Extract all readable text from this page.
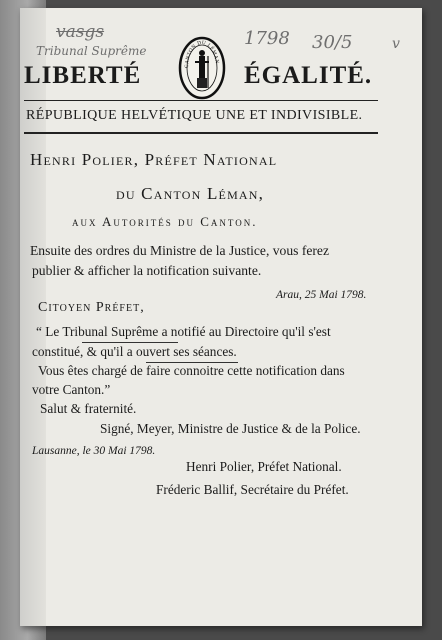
vasgs
Tribunal Suprême
1798 30/5	v
CANTON DU LÉMAN
LIBERTÉ	ÉGALITÉ.
RÉPUBLIQUE HELVÉTIQUE UNE ET INDIVISIBLE.
Henri Polier, Préfet National
du Canton Léman,
aux Autorités du Canton.
Ensuite des ordres du Ministre de la Justice, vous ferez
publier & afficher la notification suivante.
Arau, 25 Mai 1798.
Citoyen Préfet,
“ Le Tribunal Suprême a notifié au Directoire qu'il s'est
constitué, & qu'il a ouvert ses séances.
Vous êtes chargé de faire connoitre cette notification dans
votre Canton.”
Salut & fraternité.
Signé, Meyer, Ministre de Justice & de la Police.
Lausanne, le 30 Mai 1798.
Henri Polier, Préfet National.
Fréderic Ballif, Secrétaire du Préfet.
